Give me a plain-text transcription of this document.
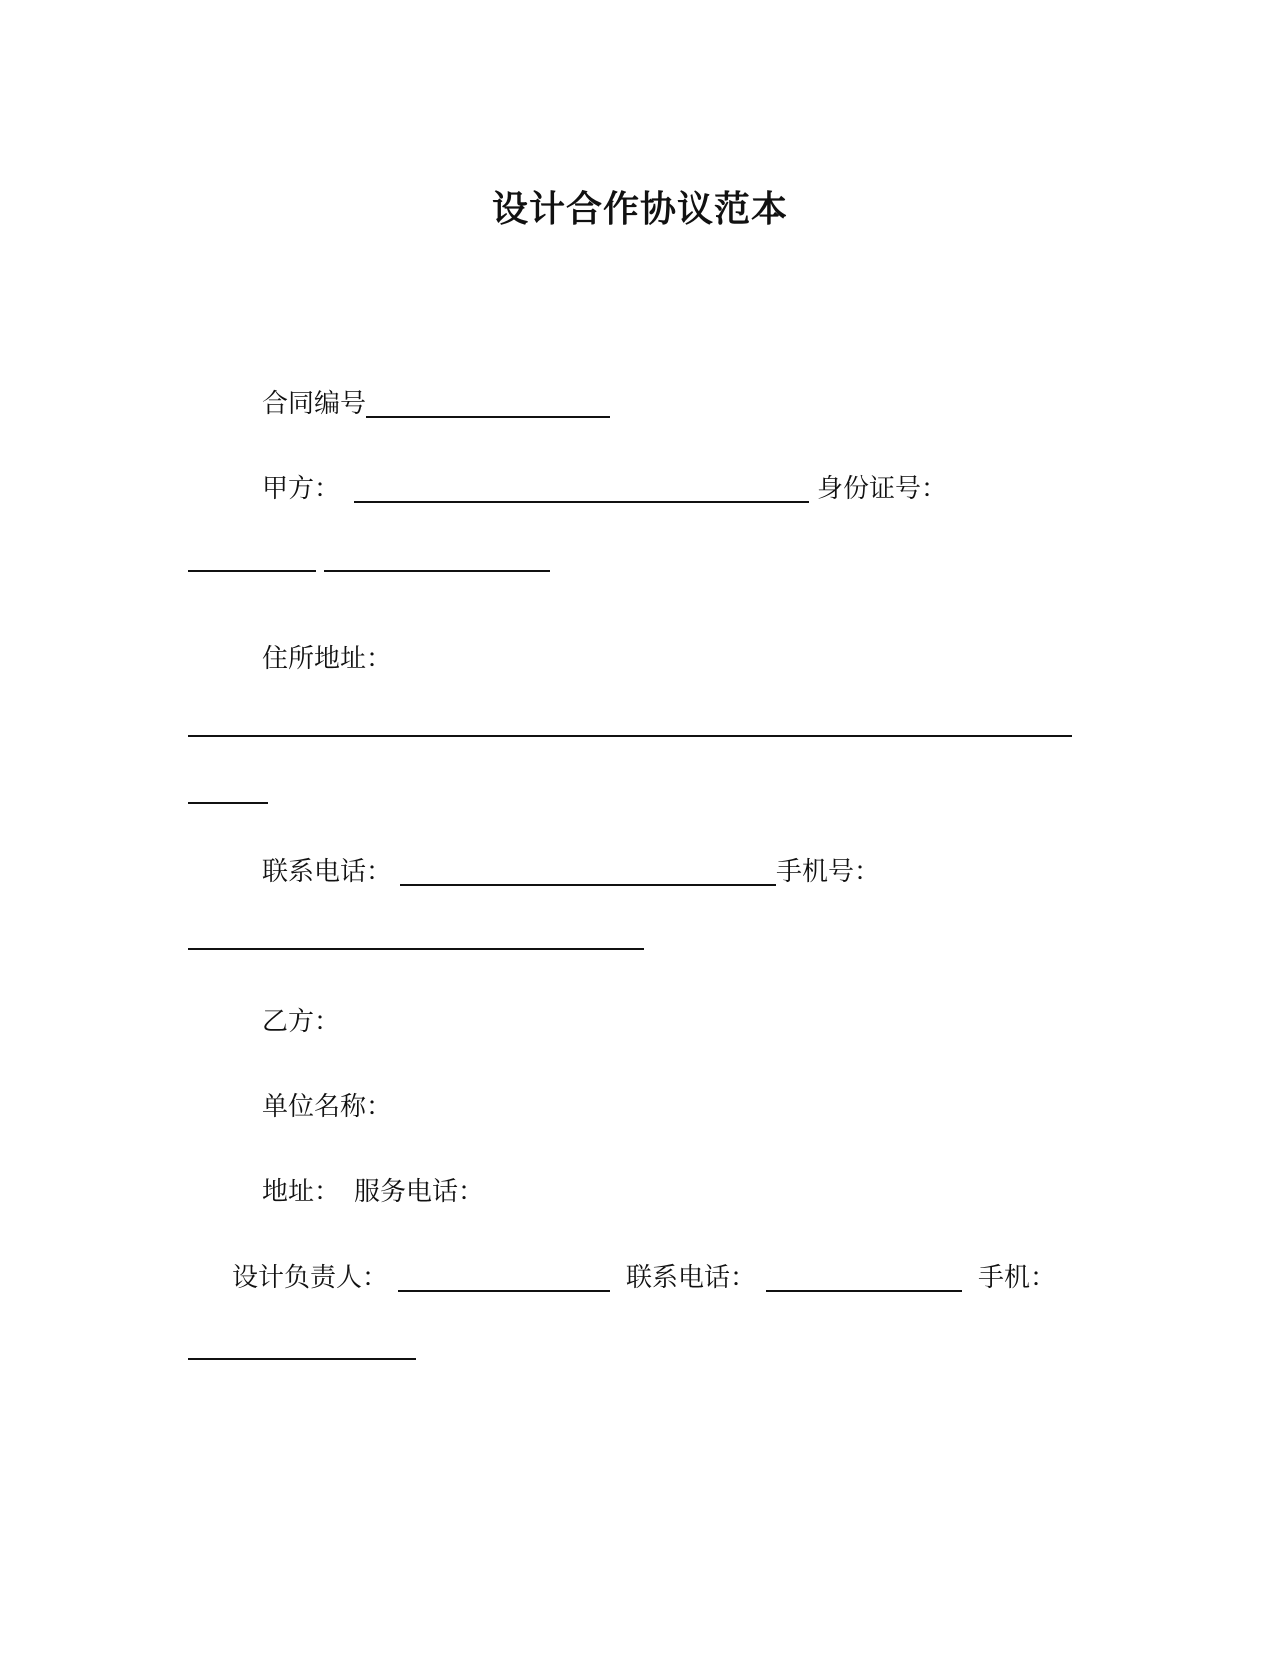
设计合作协议范本
合同编号
甲方：	身份证号：
住所地址：
联系电话：	手机号：
乙方：
单位名称：
地址： 服务电话：
设计负责人：	联系电话：	手机：
